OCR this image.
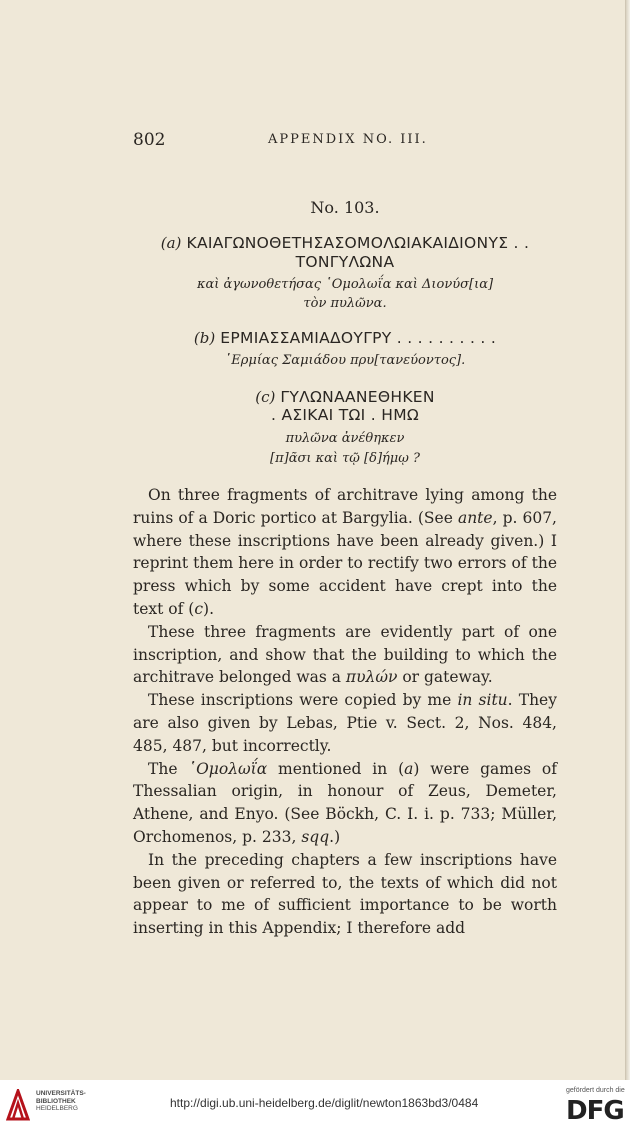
802	APPENDIX NO. III.
No. 103.
(a) ΚΑΙΑΓΩΝΟΘΕΤΗΣΑΣΟΜΟΛΩΙΑΚΑΙΔΙΟΝΥΣ . .
ΤΟΝΓΥΛΩΝΑ
καὶ ἀγωνοθετήσας ῾Ομολωΐα καὶ Διονύσ[ια]
τὸν πυλῶνα.
(b) ΕΡΜΙΑΣΣΑΜΙΑΔΟΥΓΡΥ . . . . . . . . . .
῾Ερμίας Σαμιάδου πρυ[τανεύοντος].
(c) ΓΥΛΩΝΑΑΝΕΘΗΚΕΝ
. ΑΣΙΚΑΙ ΤΩΙ . ΗΜΩ
πυλῶνα ἀνέθηκεν
[π]ᾶσι καὶ τῷ [δ]ήμῳ ?

On three fragments of architrave lying among the ruins of a Doric portico at Bargylia. (See ante, p. 607, where these inscriptions have been already given.) I reprint them here in order to rectify two errors of the press which by some accident have crept into the text of (c).

These three fragments are evidently part of one inscription, and show that the building to which the architrave belonged was a πυλών or gateway.

These inscriptions were copied by me in situ. They are also given by Lebas, Ptie v. Sect. 2, Nos. 484, 485, 487, but incorrectly.

The ῾Ομολωΐα mentioned in (a) were games of Thessalian origin, in honour of Zeus, Demeter, Athene, and Enyo. (See Böckh, C. I. i. p. 733; Müller, Orchomenos, p. 233, sqq.)

In the preceding chapters a few inscriptions have been given or referred to, the texts of which did not appear to me of sufficient importance to be worth inserting in this Appendix; I therefore add

UNIVERSITÄTS-
BIBLIOTHEK
HEIDELBERG	http://digi.ub.uni-heidelberg.de/diglit/newton1863bd3/0484
gefördert durch die
DFG
